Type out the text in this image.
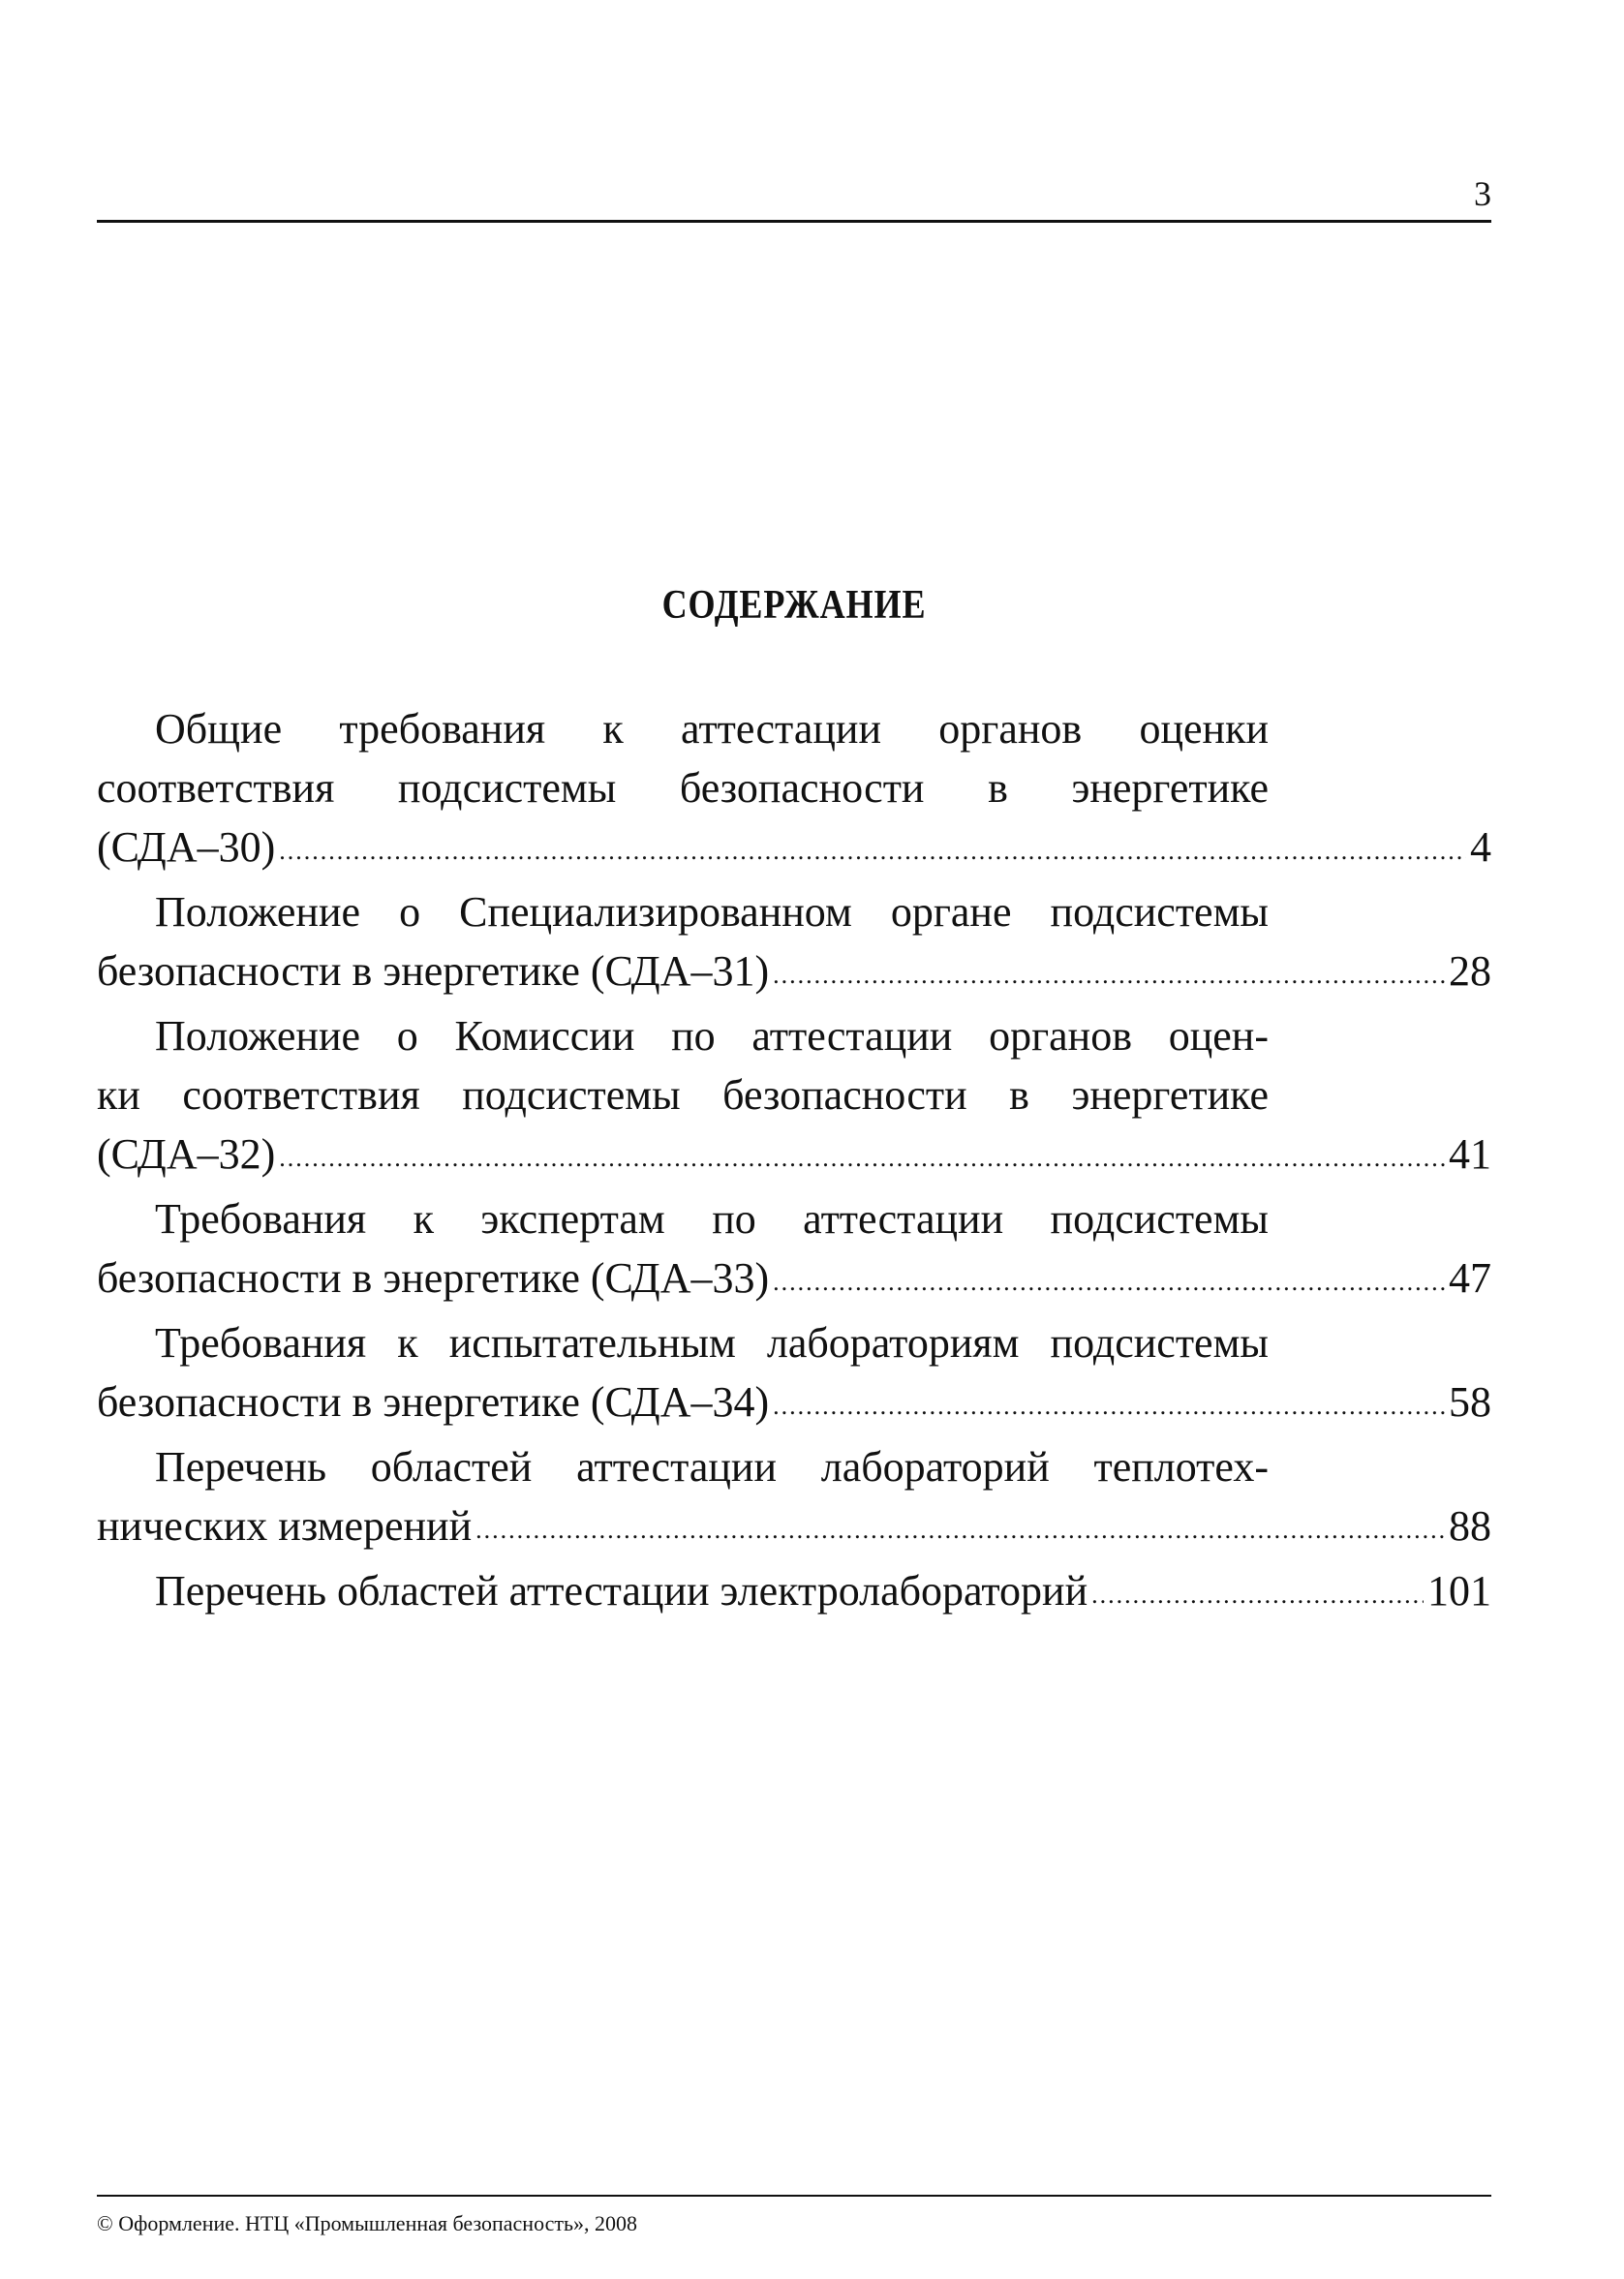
3
СОДЕРЖАНИЕ
Общие требования к аттестации органов оценки
соответствия подсистемы безопасности в энергетике
(СДА–30) .....	4
Положение о Специализированном органе подсистемы
безопасности в энергетике (СДА–31) .....	28
Положение о Комиссии по аттестации органов оцен-
ки соответствия подсистемы безопасности в энергетике
(СДА–32) .....	41
Требования к экспертам по аттестации подсистемы
безопасности в энергетике (СДА–33) .....	47
Требования к испытательным лабораториям подсистемы
безопасности в энергетике (СДА–34) .....	58
Перечень областей аттестации лабораторий теплотех-
нических измерений .....	88
Перечень областей аттестации электролабораторий .....	101
© Оформление. НТЦ «Промышленная безопасность», 2008
